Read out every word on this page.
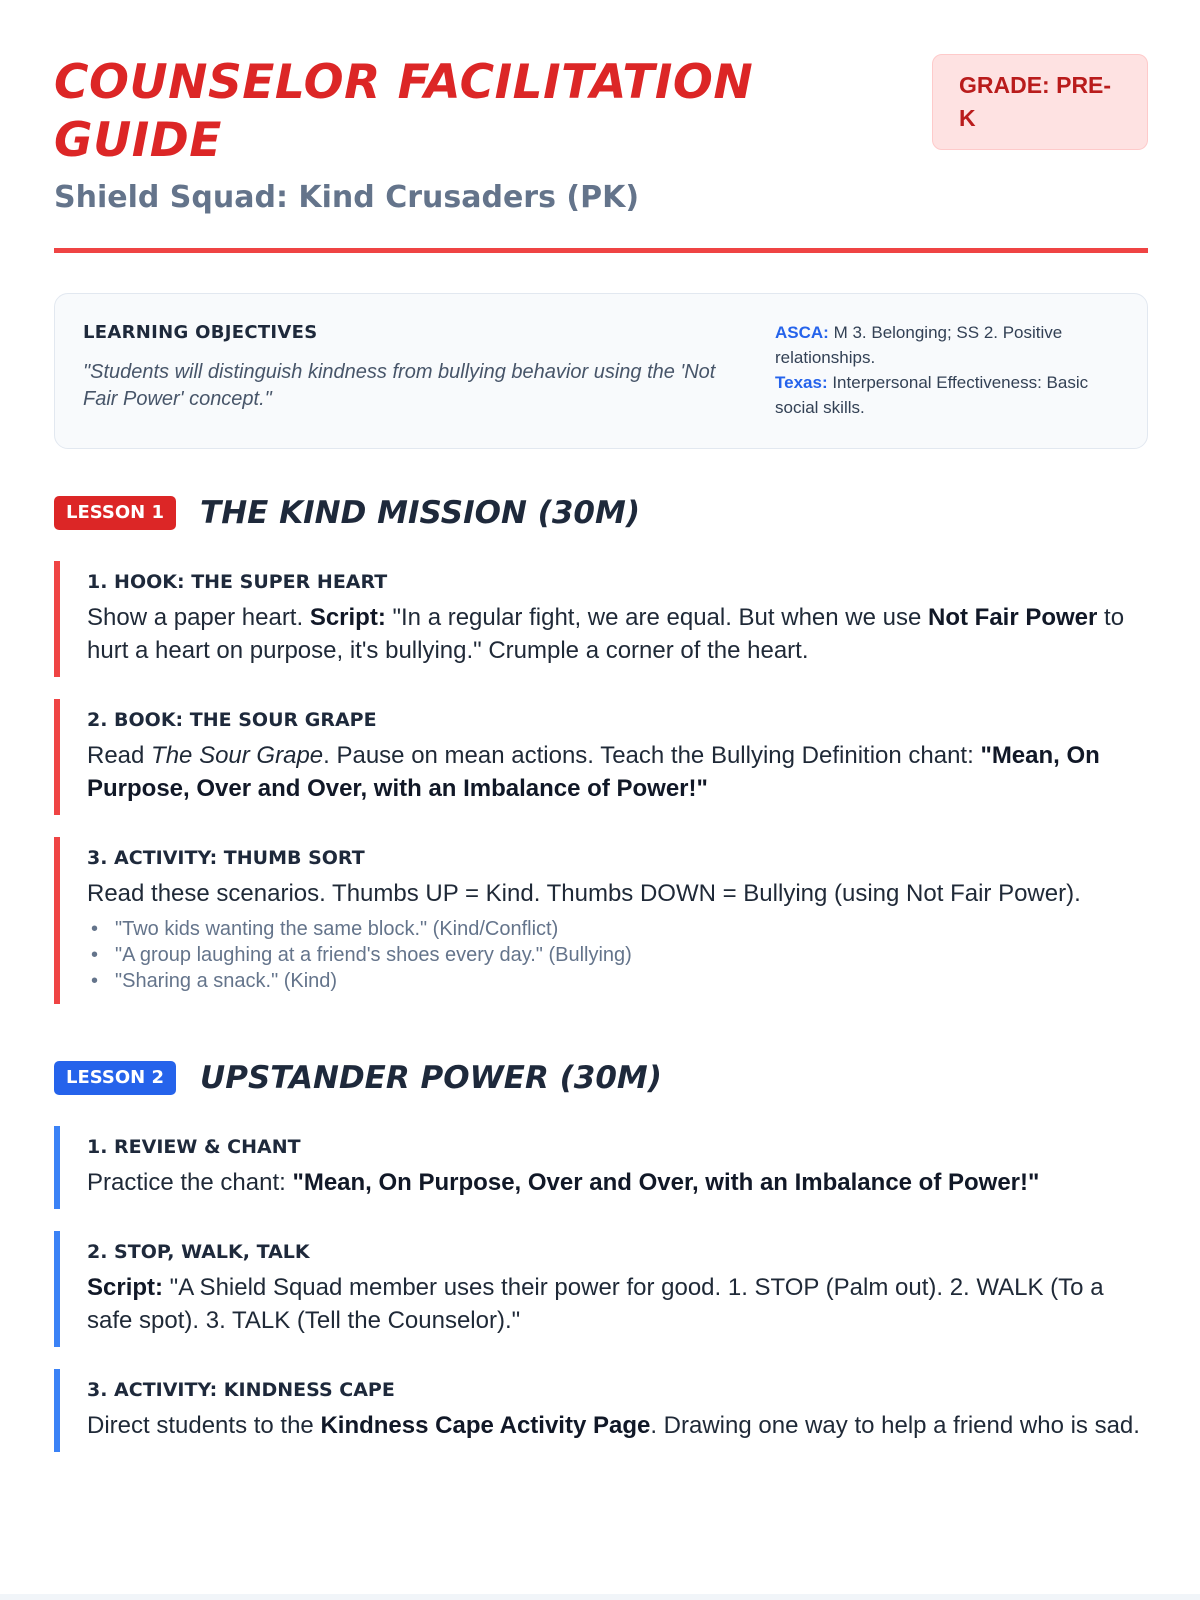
COUNSELOR FACILITATION GUIDE
Shield Squad: Kind Crusaders (PK)
GRADE: PRE-K
LEARNING OBJECTIVES
"Students will distinguish kindness from bullying behavior using the 'Not Fair Power' concept."
ASCA: M 3. Belonging; SS 2. Positive relationships.
Texas: Interpersonal Effectiveness: Basic social skills.
LESSON 1	THE KIND MISSION (30M)
1. HOOK: THE SUPER HEART
Show a paper heart. Script: "In a regular fight, we are equal. But when we use Not Fair Power to hurt a heart on purpose, it's bullying." Crumple a corner of the heart.
2. BOOK: THE SOUR GRAPE
Read The Sour Grape. Pause on mean actions. Teach the Bullying Definition chant: "Mean, On Purpose, Over and Over, with an Imbalance of Power!"
3. ACTIVITY: THUMB SORT
Read these scenarios. Thumbs UP = Kind. Thumbs DOWN = Bullying (using Not Fair Power).
• "Two kids wanting the same block." (Kind/Conflict)
• "A group laughing at a friend's shoes every day." (Bullying)
• "Sharing a snack." (Kind)
LESSON 2	UPSTANDER POWER (30M)
1. REVIEW & CHANT
Practice the chant: "Mean, On Purpose, Over and Over, with an Imbalance of Power!"
2. STOP, WALK, TALK
Script: "A Shield Squad member uses their power for good. 1. STOP (Palm out). 2. WALK (To a safe spot). 3. TALK (Tell the Counselor)."
3. ACTIVITY: KINDNESS CAPE
Direct students to the Kindness Cape Activity Page. Drawing one way to help a friend who is sad.
